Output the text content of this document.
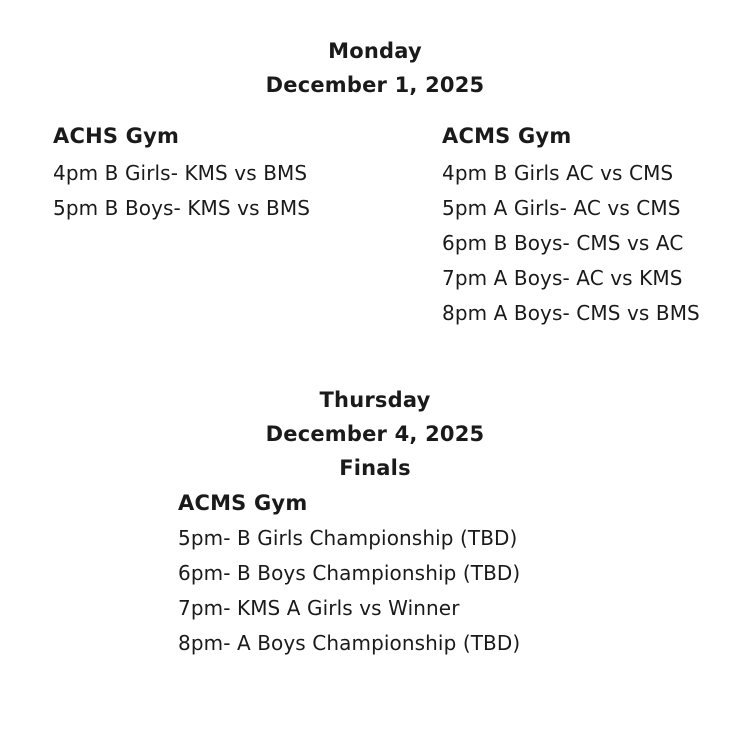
Monday
December 1, 2025
ACHS Gym
4pm B Girls- KMS vs BMS
5pm B Boys- KMS vs BMS
ACMS Gym
4pm B Girls AC vs CMS
5pm A Girls- AC vs CMS
6pm B Boys- CMS vs AC
7pm A Boys- AC vs KMS
8pm A Boys- CMS vs BMS
Thursday
December 4, 2025
Finals
ACMS Gym
5pm- B Girls Championship (TBD)
6pm- B Boys Championship (TBD)
7pm- KMS A Girls vs Winner
8pm- A Boys Championship (TBD)
